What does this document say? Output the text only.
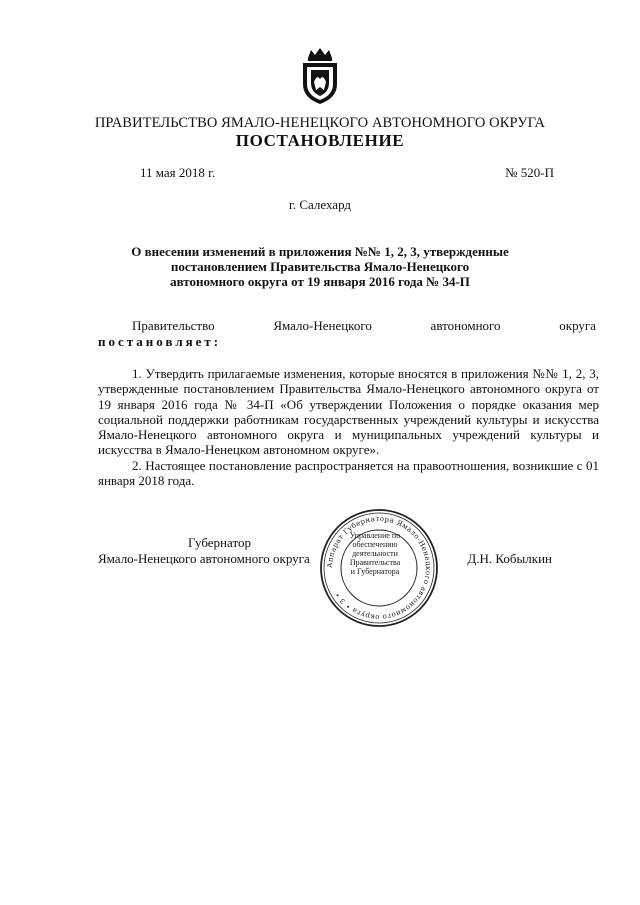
ПРАВИТЕЛЬСТВО ЯМАЛО-НЕНЕЦКОГО АВТОНОМНОГО ОКРУГА
ПОСТАНОВЛЕНИЕ
11 мая 2018 г.	№ 520-П
г. Салехард
О внесении изменений в приложения №№ 1, 2, 3, утвержденные
постановлением Правительства Ямало-Ненецкого
автономного округа от 19 января 2016 года № 34-П
Правительство	Ямало-Ненецкого	автономного	округа
постановляет:

1. Утвердить прилагаемые изменения, которые вносятся в приложения №№ 1, 2, 3, утвержденные постановлением Правительства Ямало-Ненецкого автономного округа от 19 января 2016 года № 34-П «Об утверждении Положения о порядке оказания мер социальной поддержки работникам государственных учреждений культуры и искусства Ямало-Ненецкого автономного округа и муниципальных учреждений культуры и искусства в Ямало-Ненецком автономном округе».

2. Настоящее постановление распространяется на правоотношения, возникшие с 01 января 2018 года.

Губернатор
Ямало-Ненецкого автономного округа	Д.Н. Кобылкин
Аппарат Губернатора Ямало-Ненецкого автономного округа • 3 •
Управление по
обеспечению
деятельности
Правительства
и Губернатора
